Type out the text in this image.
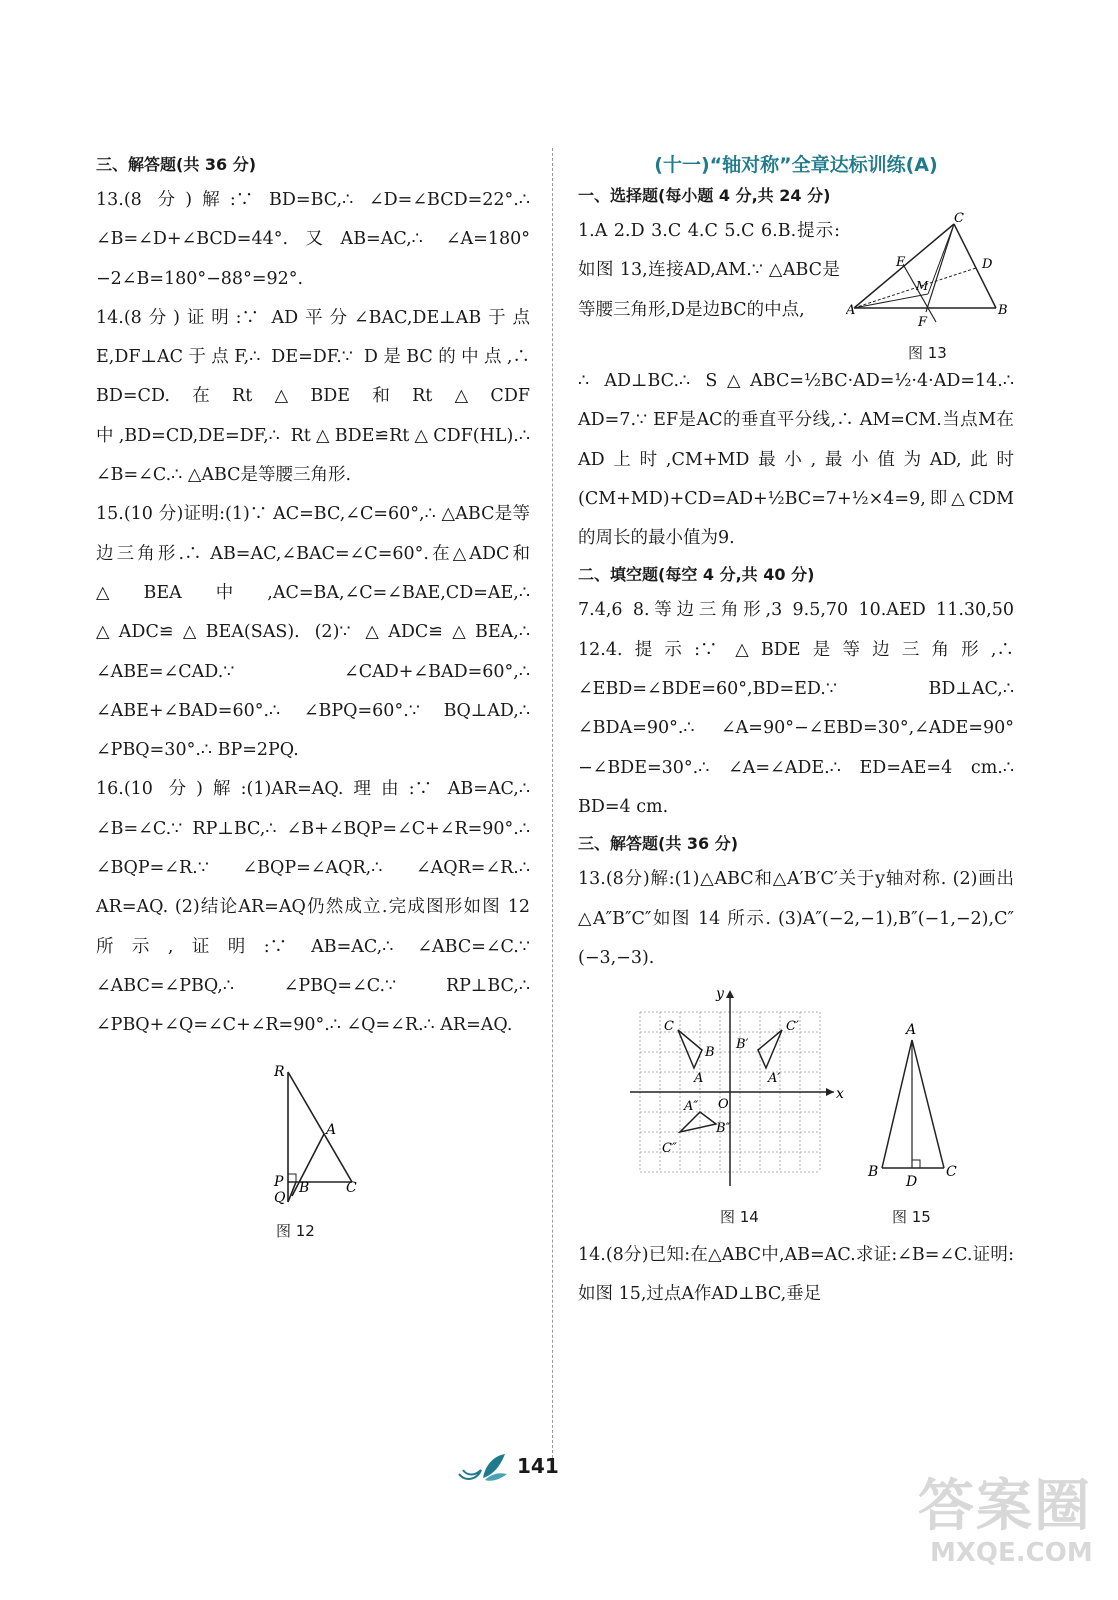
三、解答题(共 36 分)

13.(8 分)解:∵ BD=BC,∴ ∠D=∠BCD=22°.∴ ∠B=∠D+∠BCD=44°.又AB=AC,∴ ∠A=180°−2∠B=180°−88°=92°.

14.(8分)证明:∵ AD平分∠BAC,DE⊥AB于点E,DF⊥AC于点F,∴ DE=DF.∵ D是BC的中点,∴ BD=CD.在Rt△BDE和Rt△CDF中,BD=CD,DE=DF,∴ Rt△BDE≌Rt△CDF(HL).∴ ∠B=∠C.∴ △ABC是等腰三角形.

15.(10 分)证明:(1)∵ AC=BC,∠C=60°,∴ △ABC是等边三角形.∴ AB=AC,∠BAC=∠C=60°.在△ADC和△BEA中,AC=BA,∠C=∠BAE,CD=AE,∴ △ADC≌△BEA(SAS). (2)∵ △ADC≌△BEA,∴ ∠ABE=∠CAD.∵ ∠CAD+∠BAD=60°,∴ ∠ABE+∠BAD=60°.∴ ∠BPQ=60°.∵ BQ⊥AD,∴ ∠PBQ=30°.∴ BP=2PQ.

16.(10 分)解:(1)AR=AQ.理由:∵ AB=AC,∴ ∠B=∠C.∵ RP⊥BC,∴ ∠B+∠BQP=∠C+∠R=90°.∴ ∠BQP=∠R.∵ ∠BQP=∠AQR,∴ ∠AQR=∠R.∴ AR=AQ. (2)结论AR=AQ仍然成立.完成图形如图 12 所示,证明:∵ AB=AC,∴ ∠ABC=∠C.∵ ∠ABC=∠PBQ,∴ ∠PBQ=∠C.∵ RP⊥BC,∴ ∠PBQ+∠Q=∠C+∠R=90°.∴ ∠Q=∠R.∴ AR=AQ.

R
A
P
Q
B	C
图 12
(十一)“轴对称”全章达标训练(A)
一、选择题(每小题 4 分,共 24 分)
C
E	D
M
A
F
B
图 13

1.A 2.D 3.C 4.C 5.C 6.B.提示:如图 13,连接AD,AM.∵ △ABC是等腰三角形,D是边BC的中点,

∴ AD⊥BC.∴ S△ABC=½BC·AD=½·4·AD=14.∴ AD=7.∵ EF是AC的垂直平分线,∴ AM=CM.当点M在AD上时,CM+MD最小,最小值为AD,此时(CM+MD)+CD=AD+½BC=7+½×4=9,即△CDM的周长的最小值为9.

二、填空题(每空 4 分,共 40 分)

7.4,6 8.等边三角形,3 9.5,70 10.AED 11.30,50 12.4.提示:∵ △BDE是等边三角形,∴ ∠EBD=∠BDE=60°,BD=ED.∵ BD⊥AC,∴ ∠BDA=90°.∴ ∠A=90°−∠EBD=30°,∠ADE=90°−∠BDE=30°.∴ ∠A=∠ADE.∴ ED=AE=4 cm.∴ BD=4 cm.

三、解答题(共 36 分)

13.(8分)解:(1)△ABC和△A′B′C′关于y轴对称. (2)画出△A″B″C″如图 14 所示. (3)A″(−2,−1),B″(−1,−2),C″(−3,−3).

y
x
O
C
B
A
B′
C′
A′
A″
B″
C″
图 14
A
B
D
C
图 15

14.(8分)已知:在△ABC中,AB=AC.求证:∠B=∠C.证明:如图 15,过点A作AD⊥BC,垂足

141
答案圈
MXQE.COM
